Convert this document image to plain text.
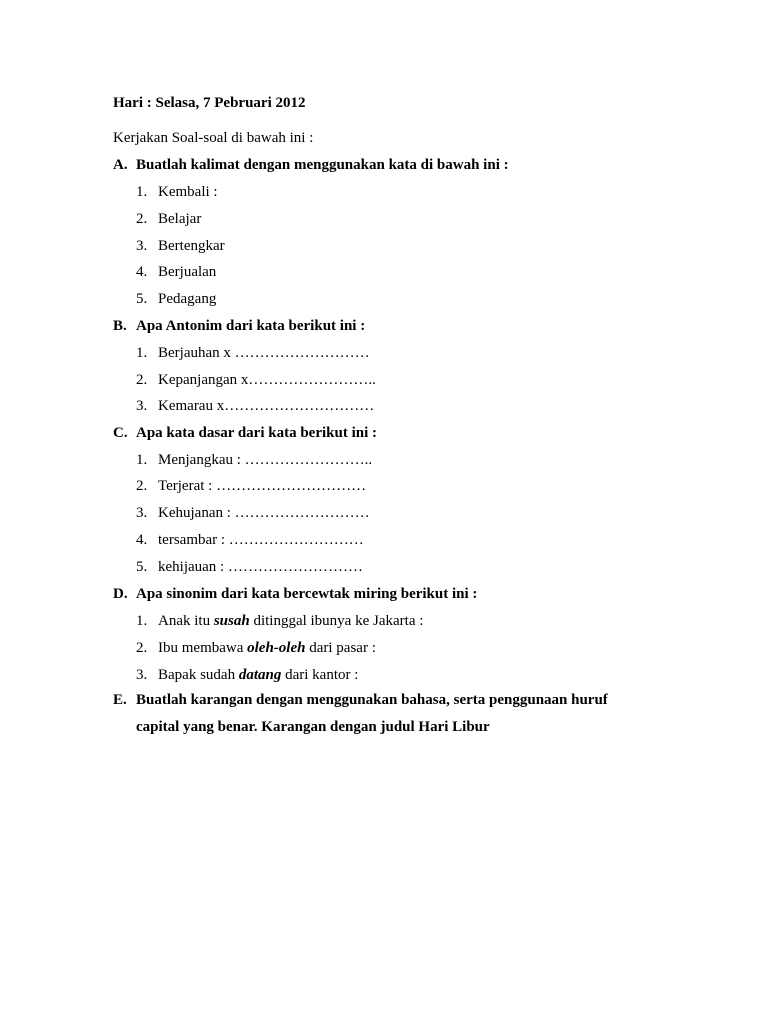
Hari : Selasa, 7 Pebruari 2012
Kerjakan Soal-soal di bawah ini :
A. Buatlah kalimat dengan menggunakan kata di bawah ini :
1. Kembali :
2. Belajar
3. Bertengkar
4. Berjualan
5. Pedagang
B. Apa Antonim dari kata berikut ini :
1. Berjauhan x ………………………
2. Kepanjangan x……………………..
3. Kemarau x…………………………
C. Apa kata dasar dari kata berikut ini :
1. Menjangkau : ……………………..
2. Terjerat : …………………………
3. Kehujanan : ………………………
4. tersambar : ………………………
5. kehijauan : ………………………
D. Apa sinonim dari kata bercewtak miring berikut ini :
1. Anak itu susah ditinggal ibunya ke Jakarta :
2. Ibu membawa oleh-oleh dari pasar :
3. Bapak sudah datang dari kantor :
E. Buatlah karangan dengan menggunakan bahasa, serta penggunaan huruf
capital yang benar. Karangan dengan judul Hari Libur
